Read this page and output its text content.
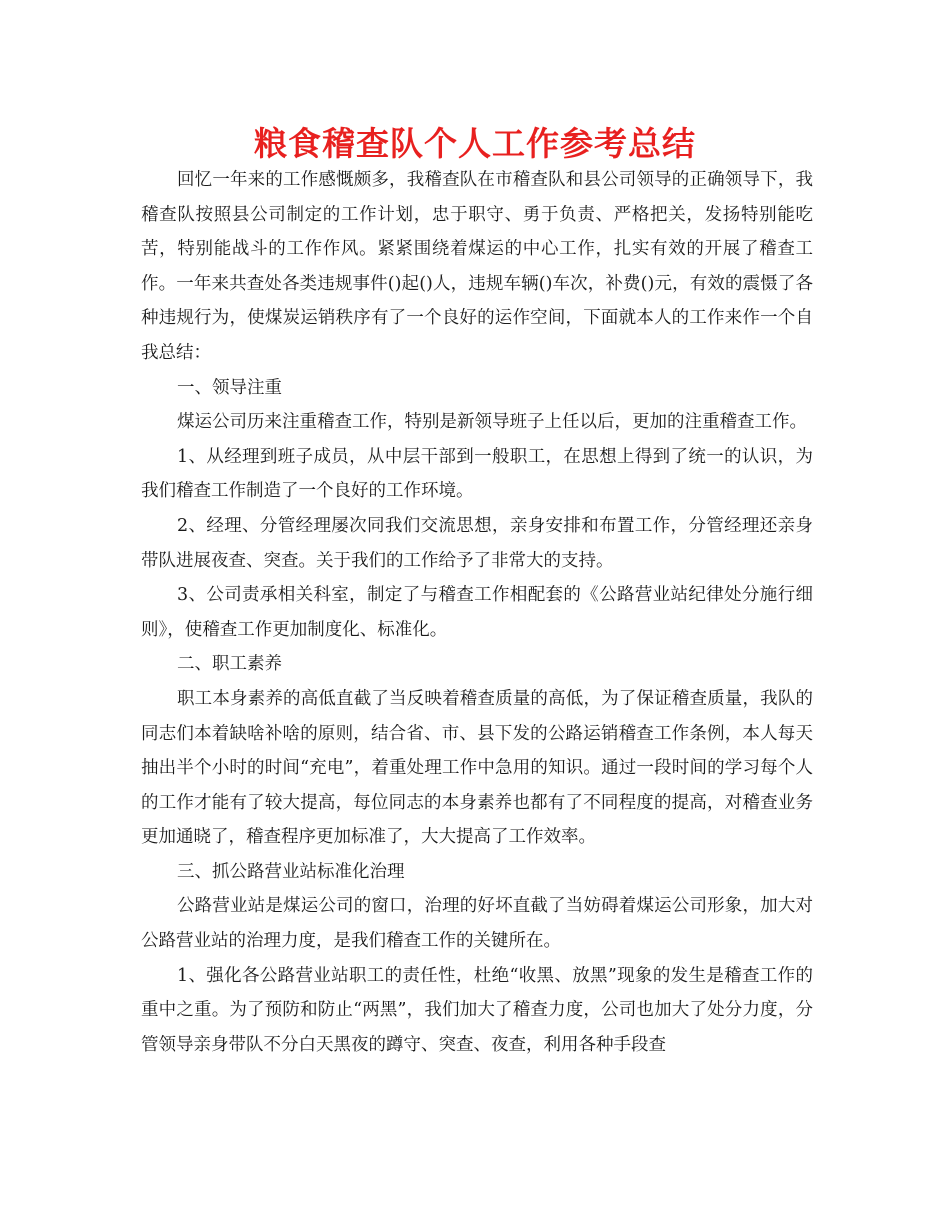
粮食稽查队个人工作参考总结

回忆一年来的工作感慨颇多，我稽查队在市稽查队和县公司领导的正确领导下，我稽查队按照县公司制定的工作计划，忠于职守、勇于负责、严格把关，发扬特别能吃苦，特别能战斗的工作作风。紧紧围绕着煤运的中心工作，扎实有效的开展了稽查工作。一年来共查处各类违规事件()起()人，违规车辆()车次，补费()元，有效的震慑了各种违规行为，使煤炭运销秩序有了一个良好的运作空间，下面就本人的工作来作一个自我总结：

一、领导注重

煤运公司历来注重稽查工作，特别是新领导班子上任以后，更加的注重稽查工作。

1、从经理到班子成员，从中层干部到一般职工，在思想上得到了统一的认识，为我们稽查工作制造了一个良好的工作环境。

2、经理、分管经理屡次同我们交流思想，亲身安排和布置工作，分管经理还亲身带队进展夜查、突查。关于我们的工作给予了非常大的支持。

3、公司责承相关科室，制定了与稽查工作相配套的《公路营业站纪律处分施行细则》，使稽查工作更加制度化、标准化。

二、职工素养

职工本身素养的高低直截了当反映着稽查质量的高低，为了保证稽查质量，我队的同志们本着缺啥补啥的原则，结合省、市、县下发的公路运销稽查工作条例，本人每天抽出半个小时的时间“充电”，着重处理工作中急用的知识。通过一段时间的学习每个人的工作才能有了较大提高，每位同志的本身素养也都有了不同程度的提高，对稽查业务更加通晓了，稽查程序更加标准了，大大提高了工作效率。

三、抓公路营业站标准化治理

公路营业站是煤运公司的窗口，治理的好坏直截了当妨碍着煤运公司形象，加大对公路营业站的治理力度，是我们稽查工作的关键所在。

1、强化各公路营业站职工的责任性，杜绝“收黑、放黑”现象的发生是稽查工作的重中之重。为了预防和防止“两黑”，我们加大了稽查力度，公司也加大了处分力度，分管领导亲身带队不分白天黑夜的蹲守、突查、夜查，利用各种手段查
